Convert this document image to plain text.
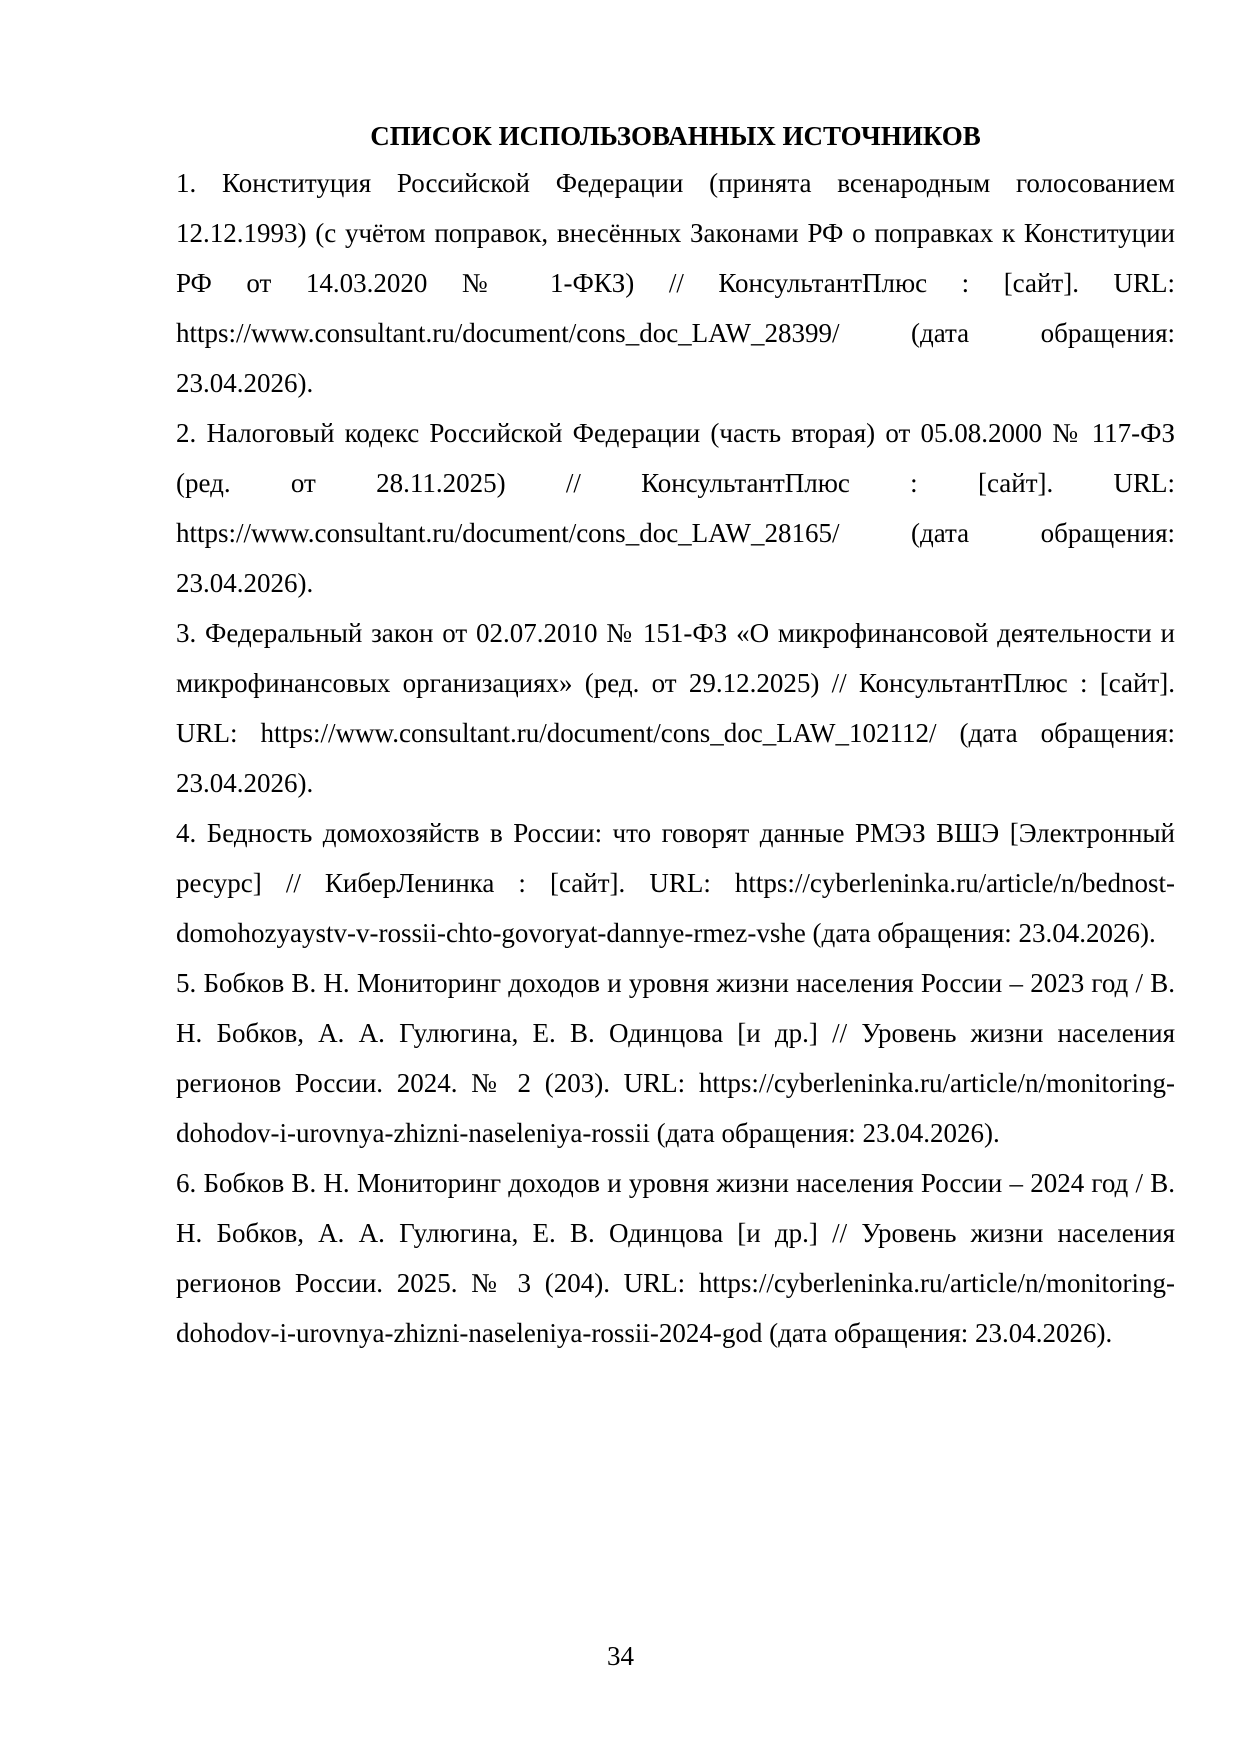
СПИСОК ИСПОЛЬЗОВАННЫХ ИСТОЧНИКОВ
1. Конституция Российской Федерации (принята всенародным голосованием 12.12.1993) (с учётом поправок, внесённых Законами РФ о поправках к Конституции РФ от 14.03.2020 № 1-ФКЗ) // КонсультантПлюс : [сайт]. URL: https://www.consultant.ru/document/cons_doc_LAW_28399/ (дата обращения: 23.04.2026).
2. Налоговый кодекс Российской Федерации (часть вторая) от 05.08.2000 № 117-ФЗ (ред. от 28.11.2025) // КонсультантПлюс : [сайт]. URL: https://www.consultant.ru/document/cons_doc_LAW_28165/ (дата обращения: 23.04.2026).
3. Федеральный закон от 02.07.2010 № 151-ФЗ «О микрофинансовой деятельности и микрофинансовых организациях» (ред. от 29.12.2025) // КонсультантПлюс : [сайт]. URL: https://www.consultant.ru/document/cons_doc_LAW_102112/ (дата обращения: 23.04.2026).
4. Бедность домохозяйств в России: что говорят данные РМЭЗ ВШЭ [Электронный ресурс] // КиберЛенинка : [сайт]. URL: https://cyberleninka.ru/article/n/bednost-domohozyaystv-v-rossii-chto-govoryat-dannye-rmez-vshe (дата обращения: 23.04.2026).
5. Бобков В. Н. Мониторинг доходов и уровня жизни населения России – 2023 год / В. Н. Бобков, А. А. Гулюгина, Е. В. Одинцова [и др.] // Уровень жизни населения регионов России. 2024. № 2 (203). URL: https://cyberleninka.ru/article/n/monitoring-dohodov-i-urovnya-zhizni-naseleniya-rossii (дата обращения: 23.04.2026).
6. Бобков В. Н. Мониторинг доходов и уровня жизни населения России – 2024 год / В. Н. Бобков, А. А. Гулюгина, Е. В. Одинцова [и др.] // Уровень жизни населения регионов России. 2025. № 3 (204). URL: https://cyberleninka.ru/article/n/monitoring-dohodov-i-urovnya-zhizni-naseleniya-rossii-2024-god (дата обращения: 23.04.2026).
34
